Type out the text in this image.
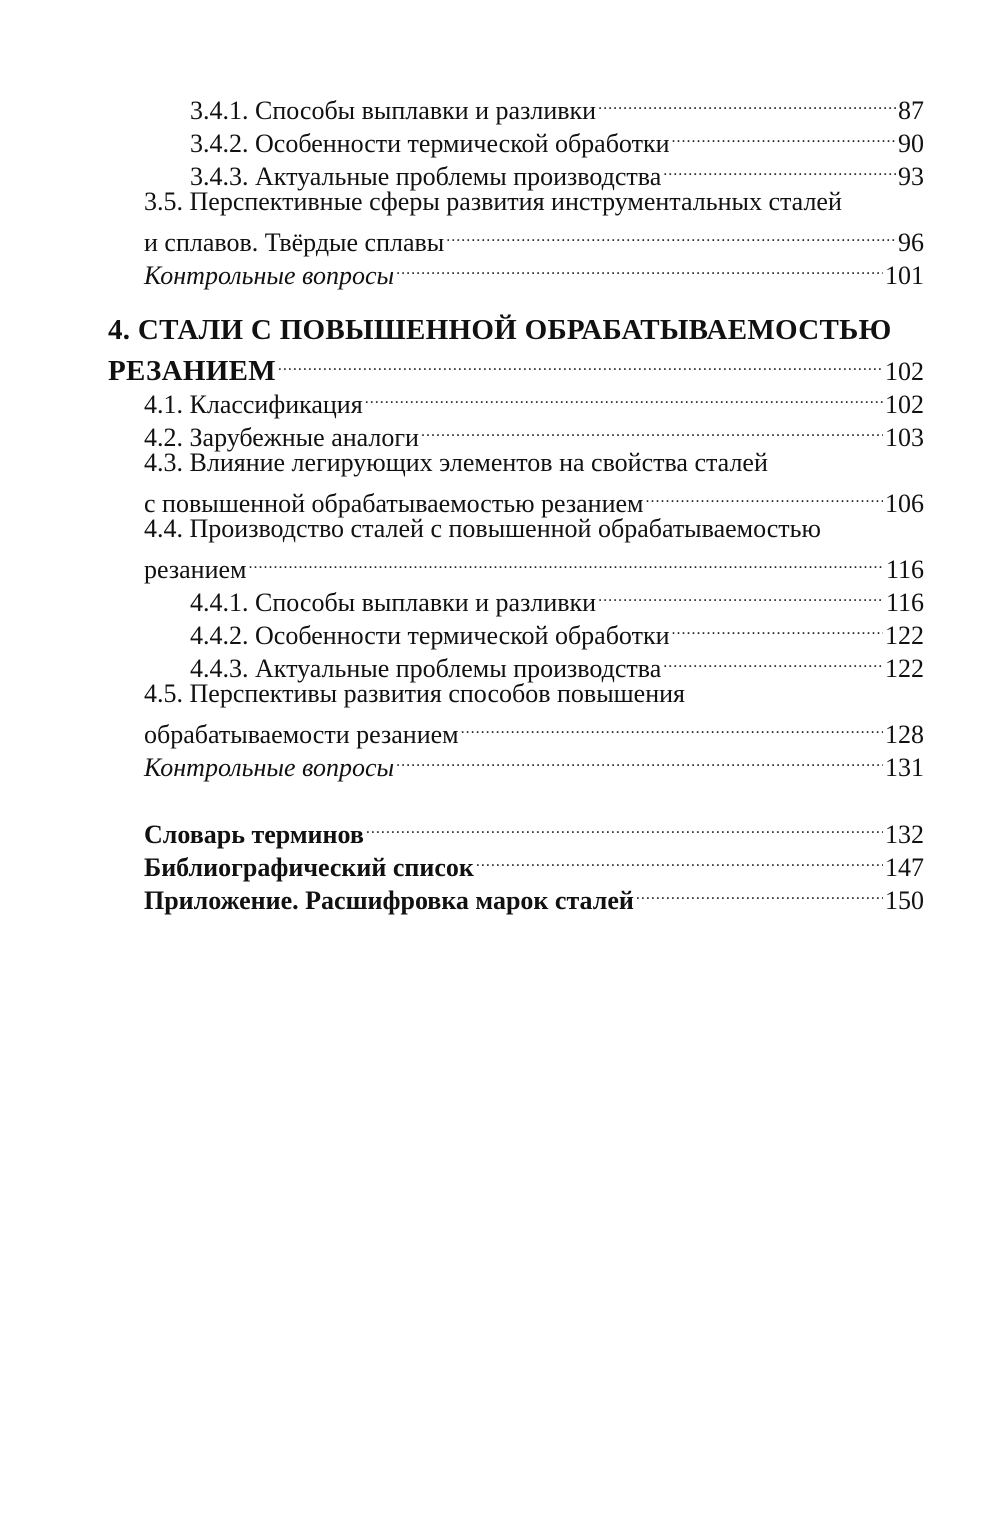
3.4.1. Способы выплавки и разливки .....	87
3.4.2. Особенности термической обработки .....	90
3.4.3. Актуальные проблемы производства .....	93
3.5. Перспективные сферы развития инструментальных сталей
и сплавов. Твёрдые сплавы .....	96
Контрольные вопросы .....	101
4. СТАЛИ С ПОВЫШЕННОЙ ОБРАБАТЫВАЕМОСТЬЮ
РЕЗАНИЕМ .....	102
4.1. Классификация .....	102
4.2. Зарубежные аналоги .....	103
4.3. Влияние легирующих элементов на свойства сталей
с повышенной обрабатываемостью резанием .....	106
4.4. Производство сталей с повышенной обрабатываемостью
резанием .....	116
4.4.1. Способы выплавки и разливки .....	116
4.4.2. Особенности термической обработки .....	122
4.4.3. Актуальные проблемы производства .....	122
4.5. Перспективы развития способов повышения
обрабатываемости резанием .....	128
Контрольные вопросы .....	131
Словарь терминов .....	132
Библиографический список .....	147
Приложение. Расшифровка марок сталей .....	150
